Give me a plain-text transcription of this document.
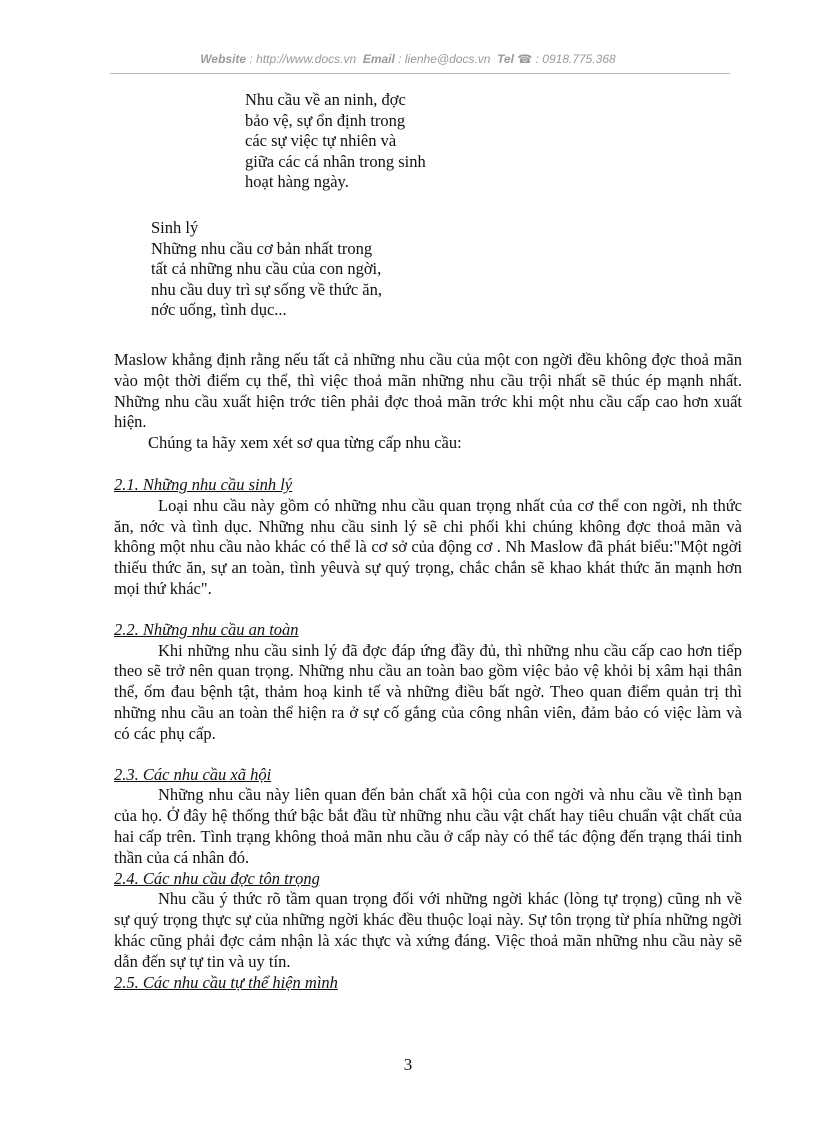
Website : http://www.docs.vn Email : lienhe@docs.vn Tel ☎ : 0918.775.368
Nhu cầu về an ninh, đợc
bảo vệ, sự ổn định trong
các sự việc tự nhiên và
giữa các cá nhân trong sinh
hoạt hàng ngày.
Sinh lý
Những nhu cầu cơ bản nhất trong
tất cả những nhu cầu của con ngời,
nhu cầu duy trì sự sống về thức ăn,
nớc uống, tình dục...

Maslow khẳng định rằng nếu tất cả những nhu cầu của một con ngời đều không đợc thoả mãn vào một thời điểm cụ thể, thì việc thoả mãn những nhu cầu trội nhất sẽ thúc ép mạnh nhất. Những nhu cầu xuất hiện trớc tiên phải đợc thoả mãn trớc khi một nhu cầu cấp cao hơn xuất hiện.

Chúng ta hãy xem xét sơ qua từng cấp nhu cầu:

2.1. Những nhu cầu sinh lý

Loại nhu cầu này gồm có những nhu cầu quan trọng nhất của cơ thể con ngời, nh thức ăn, nớc và tình dục. Những nhu cầu sinh lý sẽ chi phối khi chúng không đợc thoả mãn và không một nhu cầu nào khác có thể là cơ sở của động cơ . Nh Maslow đã phát biểu:"Một ngời thiếu thức ăn, sự an toàn, tình yêuvà sự quý trọng, chắc chắn sẽ khao khát thức ăn mạnh hơn mọi thứ khác".

2.2. Những nhu cầu an toàn

Khi những nhu cầu sinh lý đã đợc đáp ứng đầy đủ, thì những nhu cầu cấp cao hơn tiếp theo sẽ trở nên quan trọng. Những nhu cầu an toàn bao gồm việc bảo vệ khỏi bị xâm hại thân thể, ốm đau bệnh tật, thảm hoạ kinh tế và những điều bất ngờ. Theo quan điểm quản trị thì những nhu cầu an toàn thể hiện ra ở sự cố gắng của công nhân viên, đảm bảo có việc làm và có các phụ cấp.

2.3. Các nhu cầu xã hội

Những nhu cầu này liên quan đến bản chất xã hội của con ngời và nhu cầu về tình bạn của họ. Ở đây hệ thống thứ bậc bắt đầu từ những nhu cầu vật chất hay tiêu chuẩn vật chất của hai cấp trên. Tình trạng không thoả mãn nhu cầu ở cấp này có thể tác động đến trạng thái tinh thần của cá nhân đó.

2.4. Các nhu cầu đợc tôn trọng

Nhu cầu ý thức rõ tầm quan trọng đối với những ngời khác (lòng tự trọng) cũng nh về sự quý trọng thực sự của những ngời khác đều thuộc loại này. Sự tôn trọng từ phía những ngời khác cũng phải đợc cảm nhận là xác thực và xứng đáng. Việc thoả mãn những nhu cầu này sẽ dẫn đến sự tự tin và uy tín.

2.5. Các nhu cầu tự thể hiện mình

3
